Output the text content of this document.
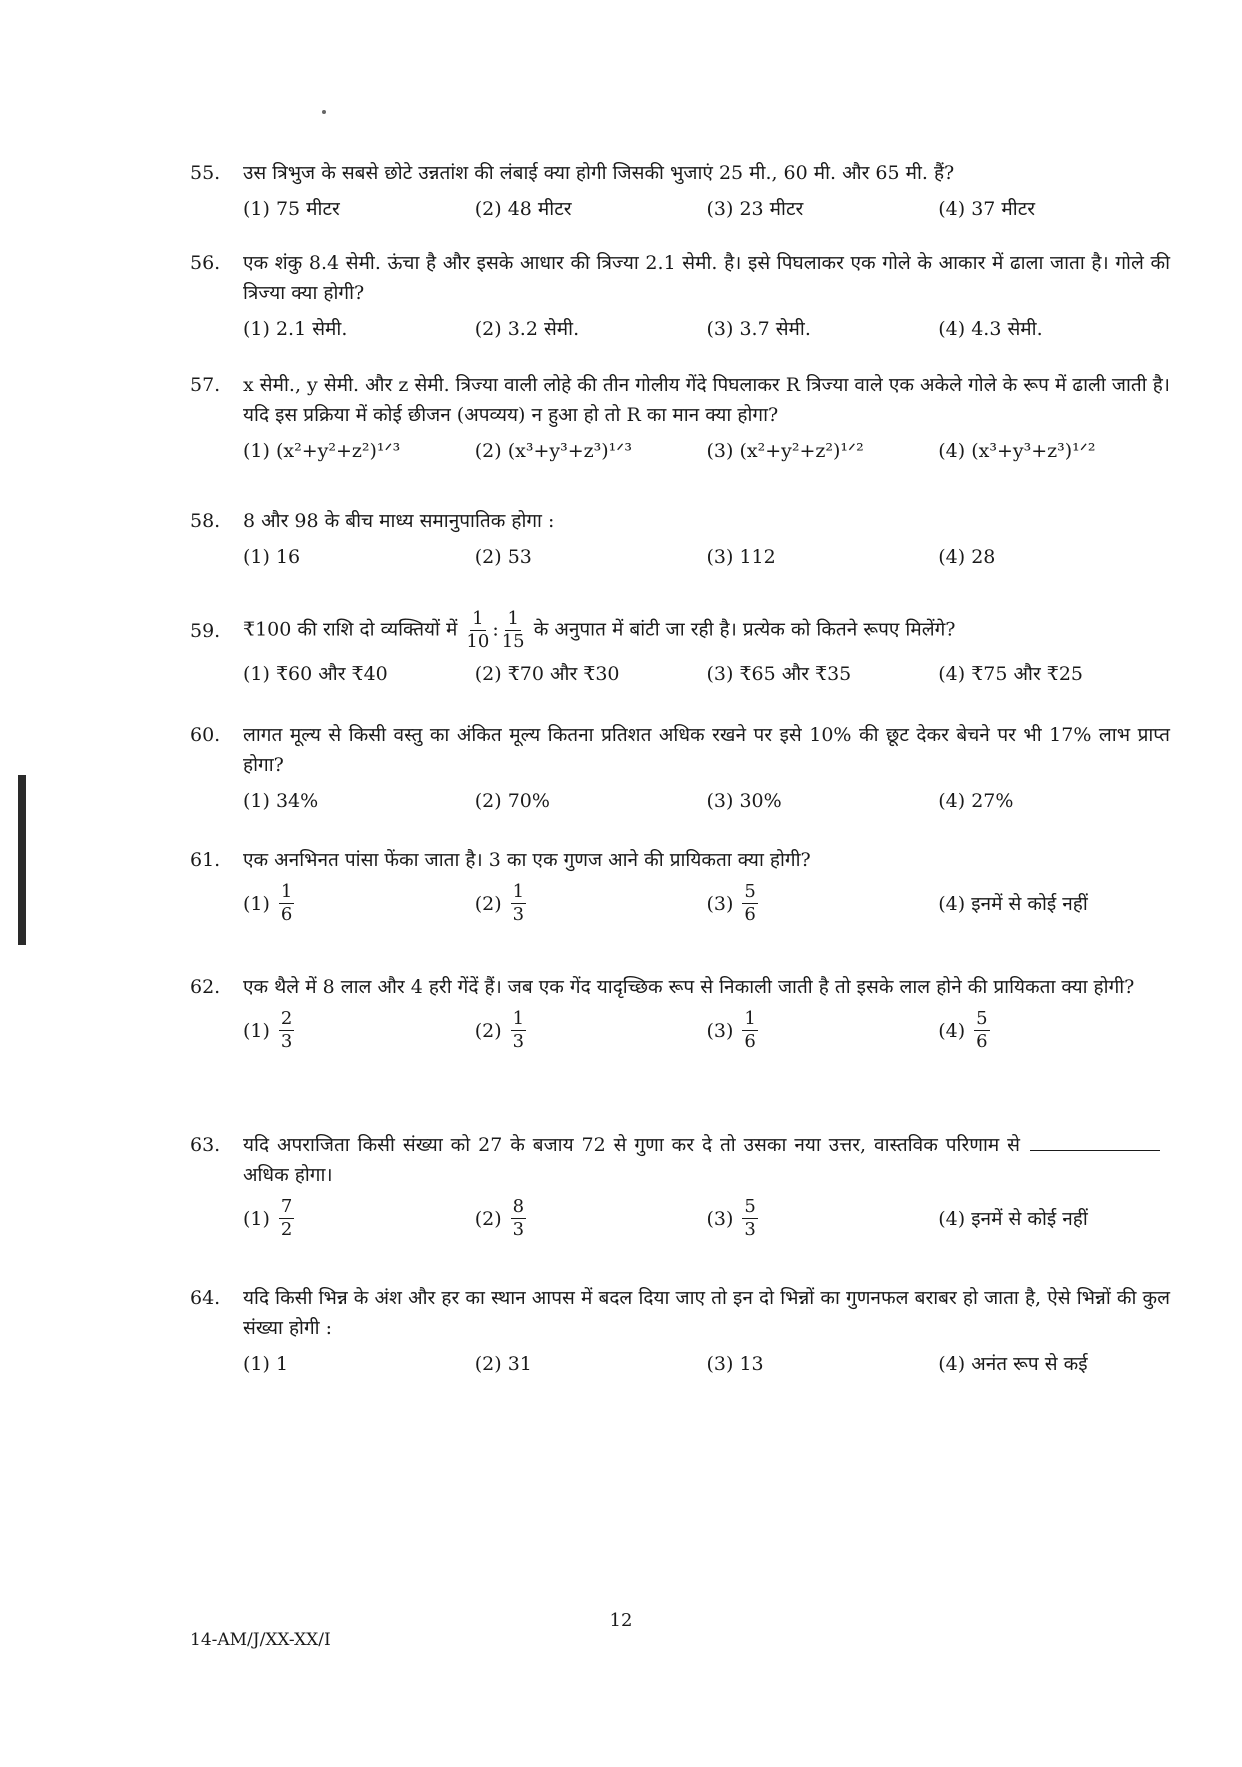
55.	उस त्रिभुज के सबसे छोटे उन्नतांश की लंबाई क्या होगी जिसकी भुजाएं 25 मी., 60 मी. और 65 मी. हैं?
(1) 75 मीटर	(2) 48 मीटर	(3) 23 मीटर	(4) 37 मीटर
56.	एक शंकु 8.4 सेमी. ऊंचा है और इसके आधार की त्रिज्या 2.1 सेमी. है। इसे पिघलाकर एक गोले के आकार में ढाला जाता है। गोले की त्रिज्या क्या होगी?
(1) 2.1 सेमी.	(2) 3.2 सेमी.	(3) 3.7 सेमी.	(4) 4.3 सेमी.
57.	x सेमी., y सेमी. और z सेमी. त्रिज्या वाली लोहे की तीन गोलीय गेंदे पिघलाकर R त्रिज्या वाले एक अकेले गोले के रूप में ढाली जाती है। यदि इस प्रक्रिया में कोई छीजन (अपव्यय) न हुआ हो तो R का मान क्या होगा?
(1) (x²+y²+z²)¹ᐟ³	(2) (x³+y³+z³)¹ᐟ³	(3) (x²+y²+z²)¹ᐟ²	(4) (x³+y³+z³)¹ᐟ²
58.	8 और 98 के बीच माध्य समानुपातिक होगा :
(1) 16	(2) 53	(3) 112	(4) 28
59.	₹100 की राशि दो व्यक्तियों में $\frac{1}{10}$ : $\frac{1}{15}$ के अनुपात में बांटी जा रही है। प्रत्येक को कितने रूपए मिलेंगे?
(1) ₹60 और ₹40	(2) ₹70 और ₹30	(3) ₹65 और ₹35	(4) ₹75 और ₹25
60.	लागत मूल्य से किसी वस्तु का अंकित मूल्य कितना प्रतिशत अधिक रखने पर इसे 10% की छूट देकर बेचने पर भी 17% लाभ प्राप्त होगा?
(1) 34%	(2) 70%	(3) 30%	(4) 27%
61.	एक अनभिनत पांसा फेंका जाता है। 3 का एक गुणज आने की प्रायिकता क्या होगी?
$(1) \frac{1}{6}$	$(2) \frac{1}{3}$	$(3) \frac{5}{6}$	(4) इनमें से कोई नहीं
62.	एक थैले में 8 लाल और 4 हरी गेंदें हैं। जब एक गेंद यादृच्छिक रूप से निकाली जाती है तो इसके लाल होने की प्रायिकता क्या होगी?
$(1) \frac{2}{3}$	$(2) \frac{1}{3}$	$(3) \frac{1}{6}$	$(4) \frac{5}{6}$
63.	यदि अपराजिता किसी संख्या को 27 के बजाय 72 से गुणा कर दे तो उसका नया उत्तर, वास्तविक परिणाम सेअधिक होगा।
$(1) \frac{7}{2}$	$(2) \frac{8}{3}$	$(3) \frac{5}{3}$	(4) इनमें से कोई नहीं
64.	यदि किसी भिन्न के अंश और हर का स्थान आपस में बदल दिया जाए तो इन दो भिन्नों का गुणनफल बराबर हो जाता है, ऐसे भिन्नों की कुल संख्या होगी :
(1) 1	(2) 31	(3) 13	(4) अनंत रूप से कई
12
14-AM/J/XX-XX/I
